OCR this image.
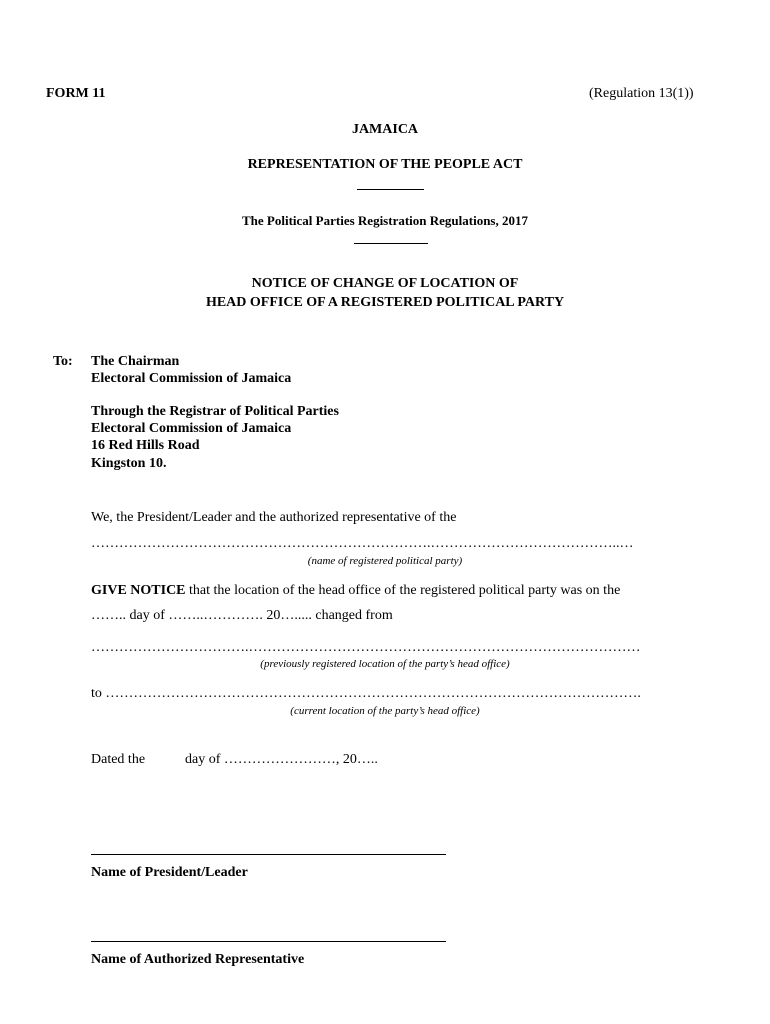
FORM 11	(Regulation 13(1))
JAMAICA
REPRESENTATION OF THE PEOPLE ACT
The Political Parties Registration Regulations, 2017
NOTICE OF CHANGE OF LOCATION OF
HEAD OFFICE OF A REGISTERED POLITICAL PARTY
To: The Chairman
Electoral Commission of Jamaica
Through the Registrar of Political Parties
Electoral Commission of Jamaica
16 Red Hills Road
Kingston 10.
We, the President/Leader and the authorized representative of the
……………………………………………………………….…………………………………..…
(name of registered political party)
GIVE NOTICE that the location of the head office of the registered political party was on the
…….. day of ……..…………. 20…..... changed from
…………………………….…………………………………………………………………………
(previously registered location of the party’s head office)
to …………………………………………………………………………………………………….
(current location of the party’s head office)
Dated the	day of ……………………, 20…..
Name of President/Leader
Name of Authorized Representative
